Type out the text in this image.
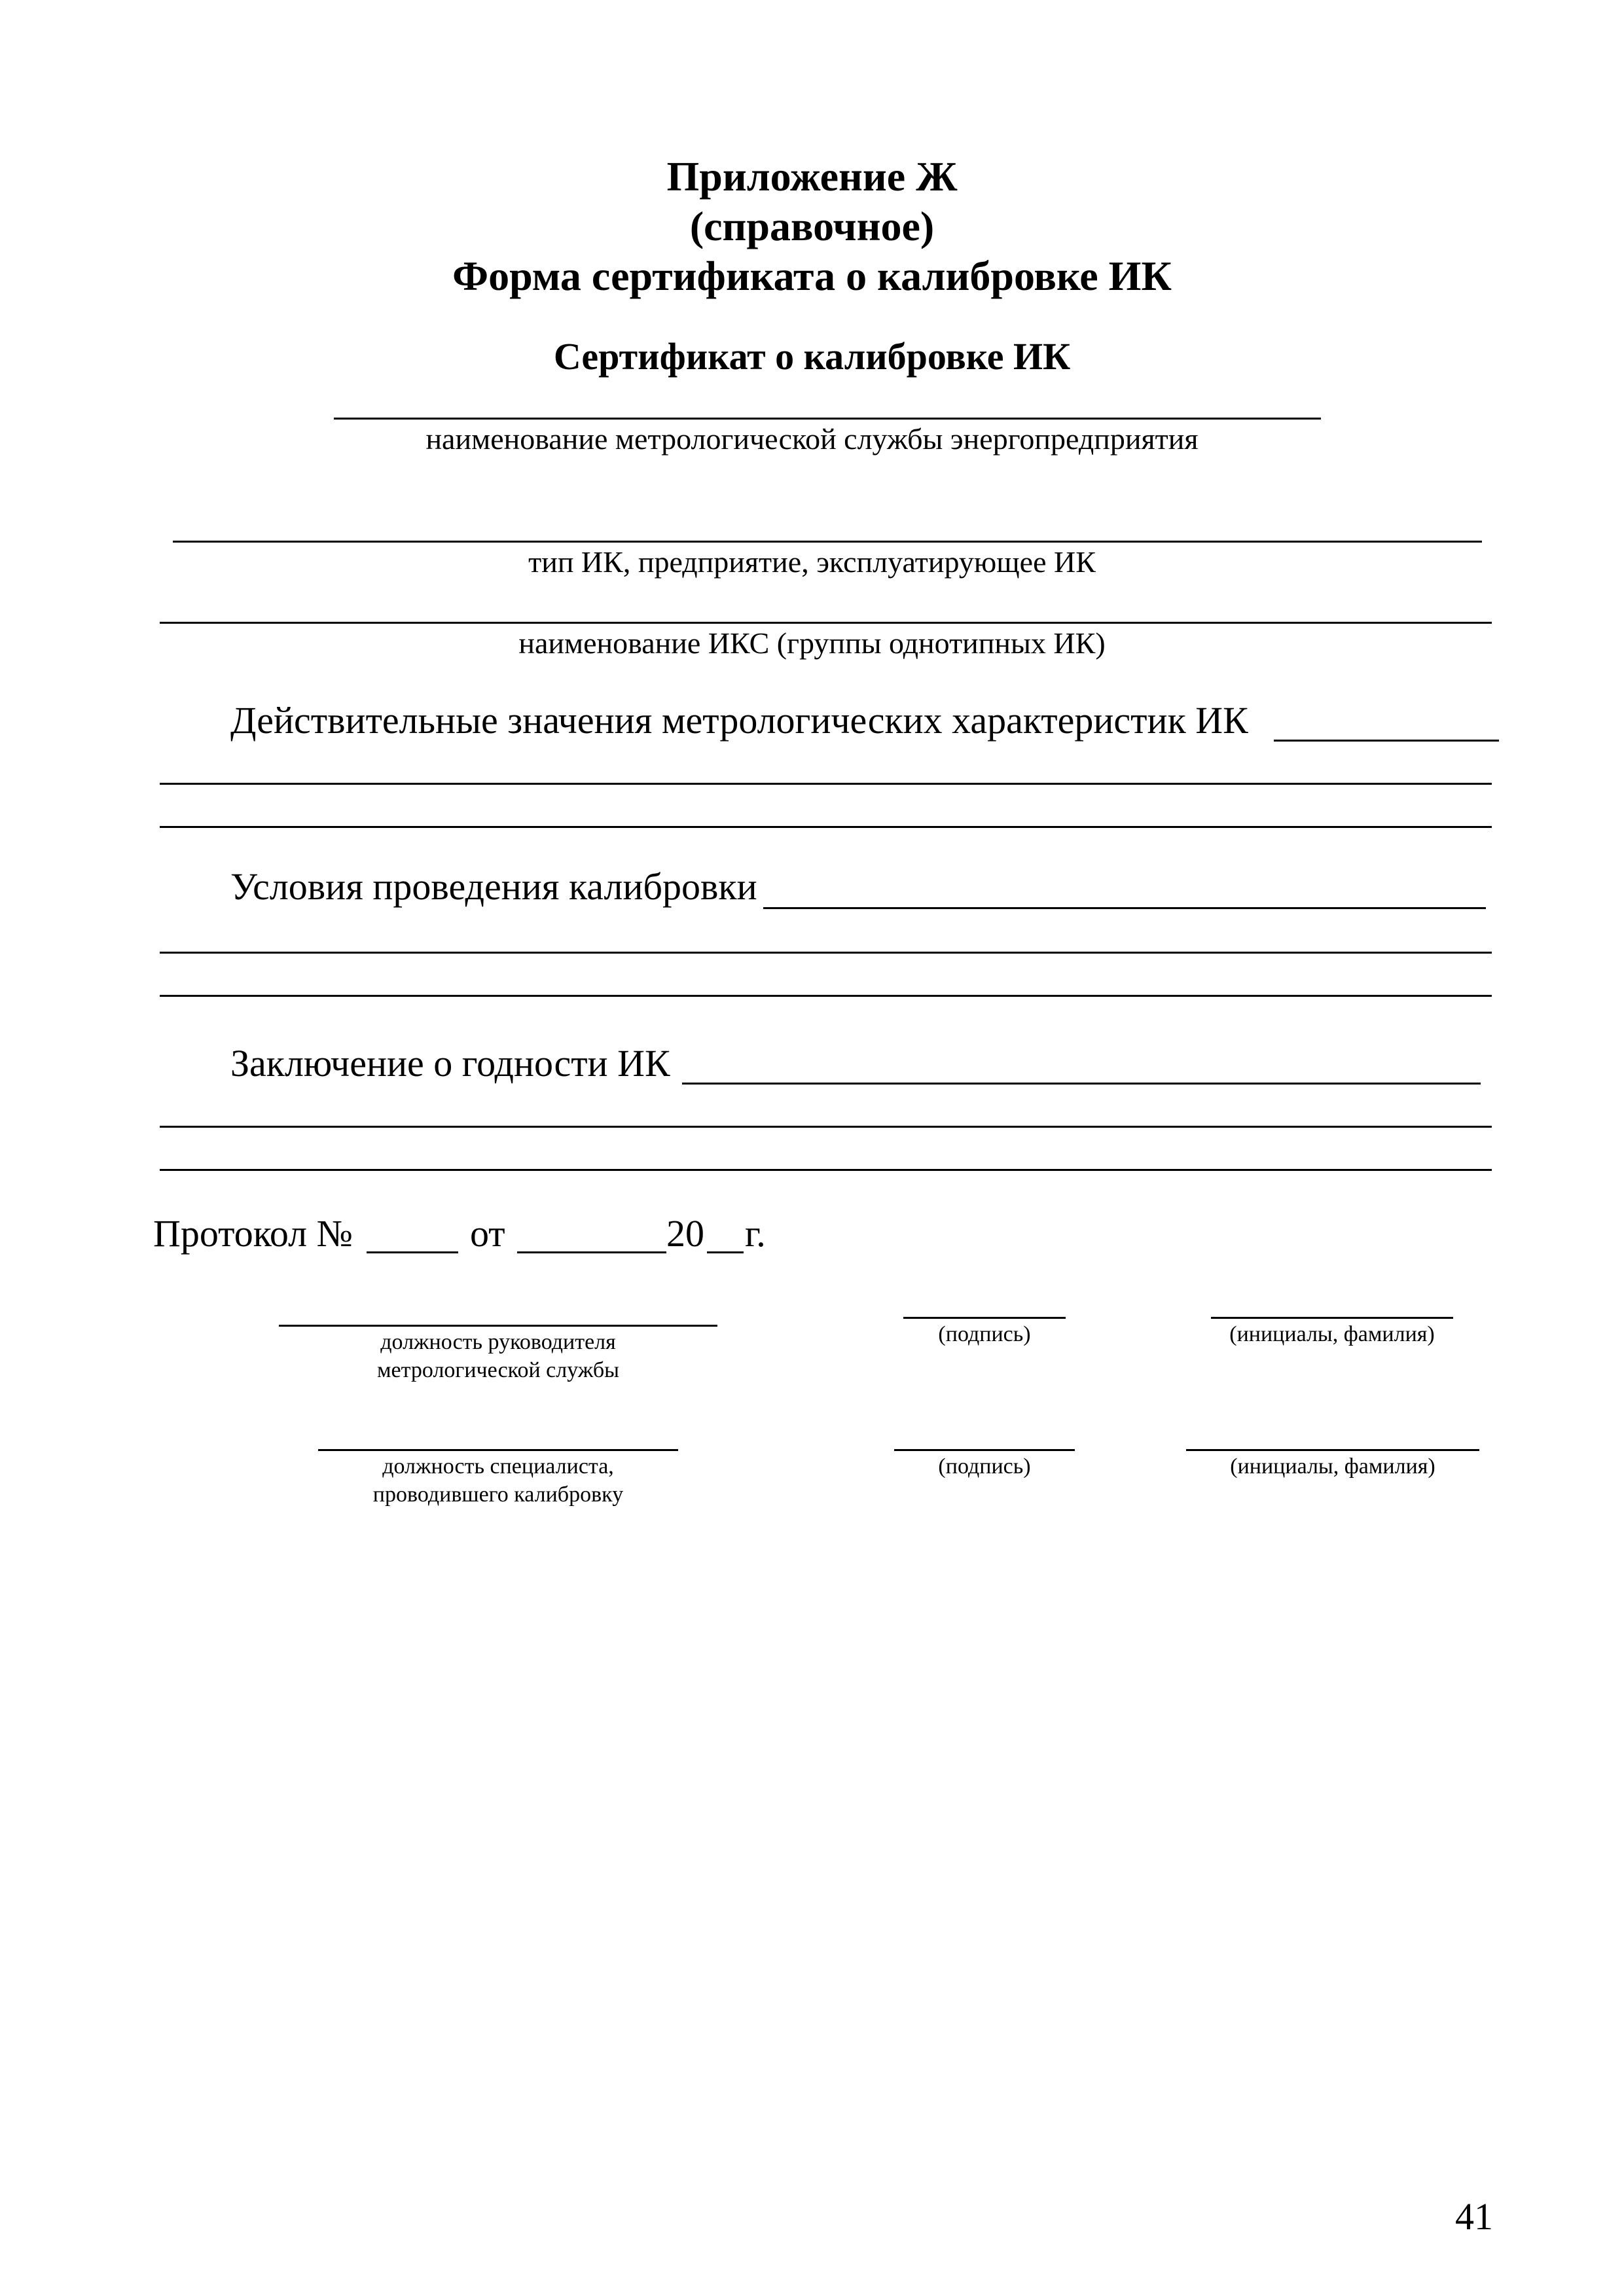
Приложение Ж
(справочное)
Форма сертификата о калибровке ИК
Сертификат о калибровке ИК
наименование метрологической службы энергопредприятия
тип ИК, предприятие, эксплуатирующее ИК
наименование ИКС (группы однотипных ИК)
Действительные значения метрологических характеристик ИК
Условия проведения калибровки
Заключение о годности ИК
Протокол №	от	20 г.
должность руководителя
метрологической службы
(подпись)	(инициалы, фамилия)
должность специалиста,
проводившего калибровку
(подпись)	(инициалы, фамилия)
41
